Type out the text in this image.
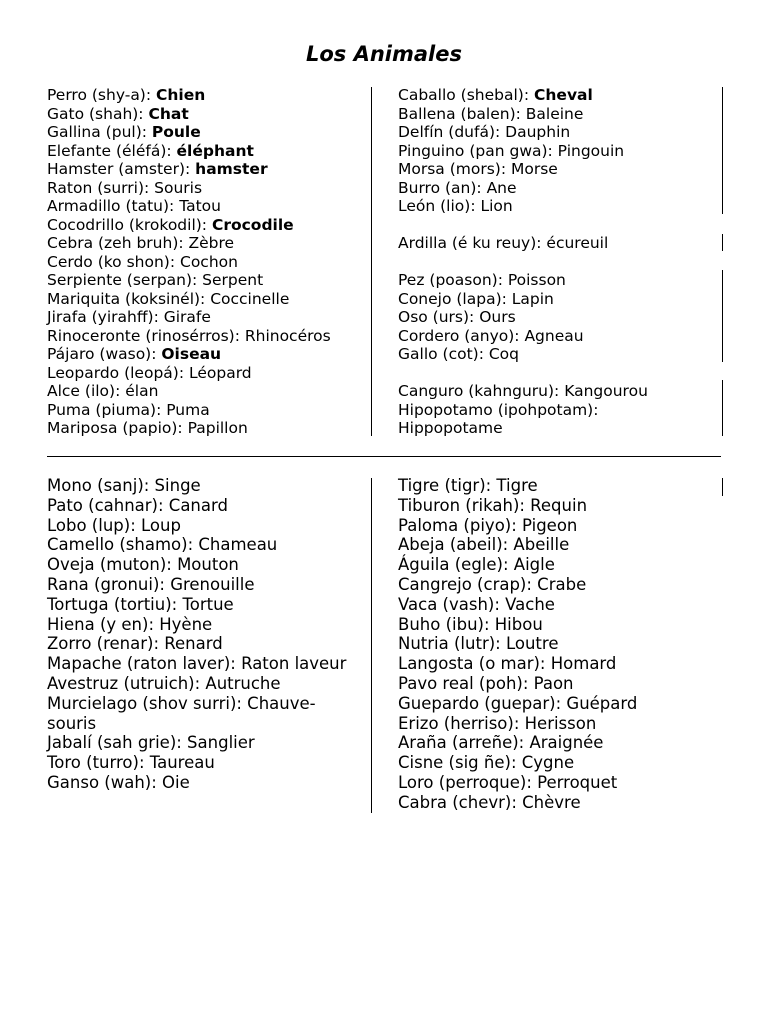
Los Animales
Perro (shy-a): Chien
Gato (shah): Chat
Gallina (pul): Poule
Elefante (éléfá): éléphant
Hamster (amster): hamster
Raton (surri): Souris
Armadillo (tatu): Tatou
Cocodrillo (krokodil): Crocodile
Cebra (zeh bruh): Zèbre
Cerdo (ko shon): Cochon
Serpiente (serpan): Serpent
Mariquita (koksinél): Coccinelle
Jirafa (yirahff): Girafe
Rinoceronte (rinosérros): Rhinocéros
Pájaro (waso): Oiseau
Leopardo (leopá): Léopard
Alce (ilo): élan
Puma (piuma): Puma
Mariposa (papio): Papillon
Caballo (shebal): Cheval
Ballena (balen): Baleine
Delfín (dufá): Dauphin
Pinguino (pan gwa): Pingouin
Morsa (mors): Morse
Burro (an): Ane
León (lio): Lion
Ardilla (é ku reuy): écureuil
Pez (poason): Poisson
Conejo (lapa): Lapin
Oso (urs): Ours
Cordero (anyo): Agneau
Gallo (cot): Coq
Canguro (kahnguru): Kangourou
Hipopotamo (ipohpotam):
Hippopotame
Mono (sanj): Singe
Pato (cahnar): Canard
Lobo (lup): Loup
Camello (shamo): Chameau
Oveja (muton): Mouton
Rana (gronui): Grenouille
Tortuga (tortiu): Tortue
Hiena (y en): Hyène
Zorro (renar): Renard
Mapache (raton laver): Raton laveur
Avestruz (utruich): Autruche
Murcielago (shov surri): Chauve-souris
Jabalí (sah grie): Sanglier
Toro (turro): Taureau
Ganso (wah): Oie
Tigre (tigr): Tigre
Tiburon (rikah): Requin
Paloma (piyo): Pigeon
Abeja (abeil): Abeille
Águila (egle): Aigle
Cangrejo (crap): Crabe
Vaca (vash): Vache
Buho (ibu): Hibou
Nutria (lutr): Loutre
Langosta (o mar): Homard
Pavo real (poh): Paon
Guepardo (guepar): Guépard
Erizo (herriso): Herisson
Araña (arreñe): Araignée
Cisne (sig ñe): Cygne
Loro (perroque): Perroquet
Cabra (chevr): Chèvre
